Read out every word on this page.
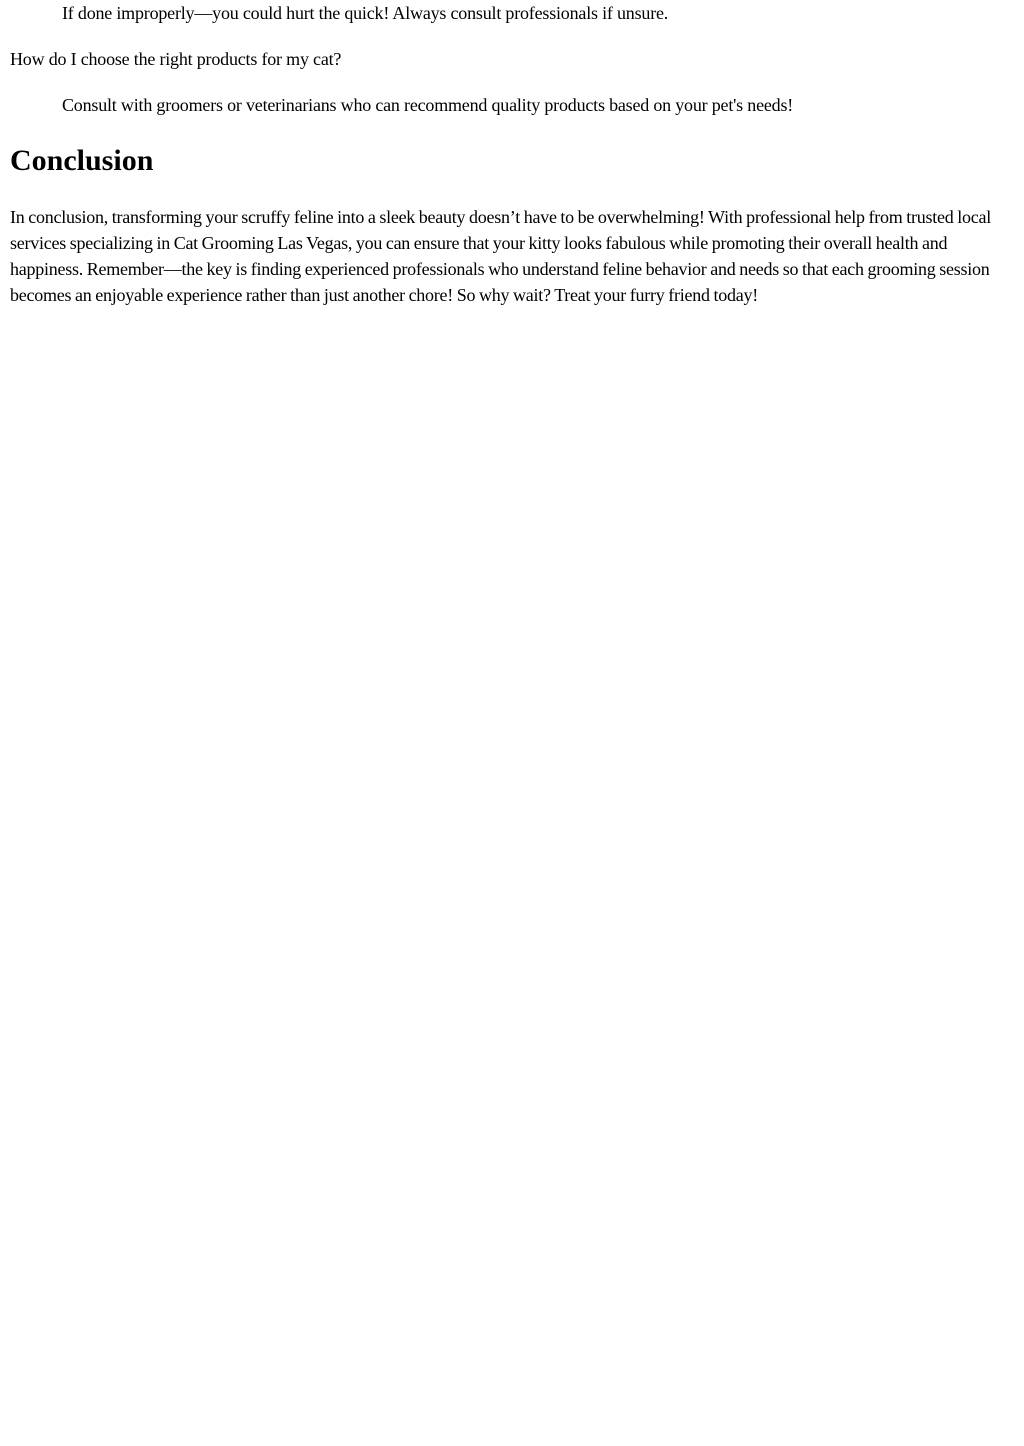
If done improperly—you could hurt the quick! Always consult professionals if unsure.

How do I choose the right products for my cat?

Consult with groomers or veterinarians who can recommend quality products based on your pet's needs!

Conclusion

In conclusion, transforming your scruffy feline into a sleek beauty doesn’t have to be overwhelming! With professional help from trusted local services specializing in Cat Grooming Las Vegas, you can ensure that your kitty looks fabulous while promoting their overall health and happiness. Remember—the key is finding experienced professionals who understand feline behavior and needs so that each grooming session becomes an enjoyable experience rather than just another chore! So why wait? Treat your furry friend today!
